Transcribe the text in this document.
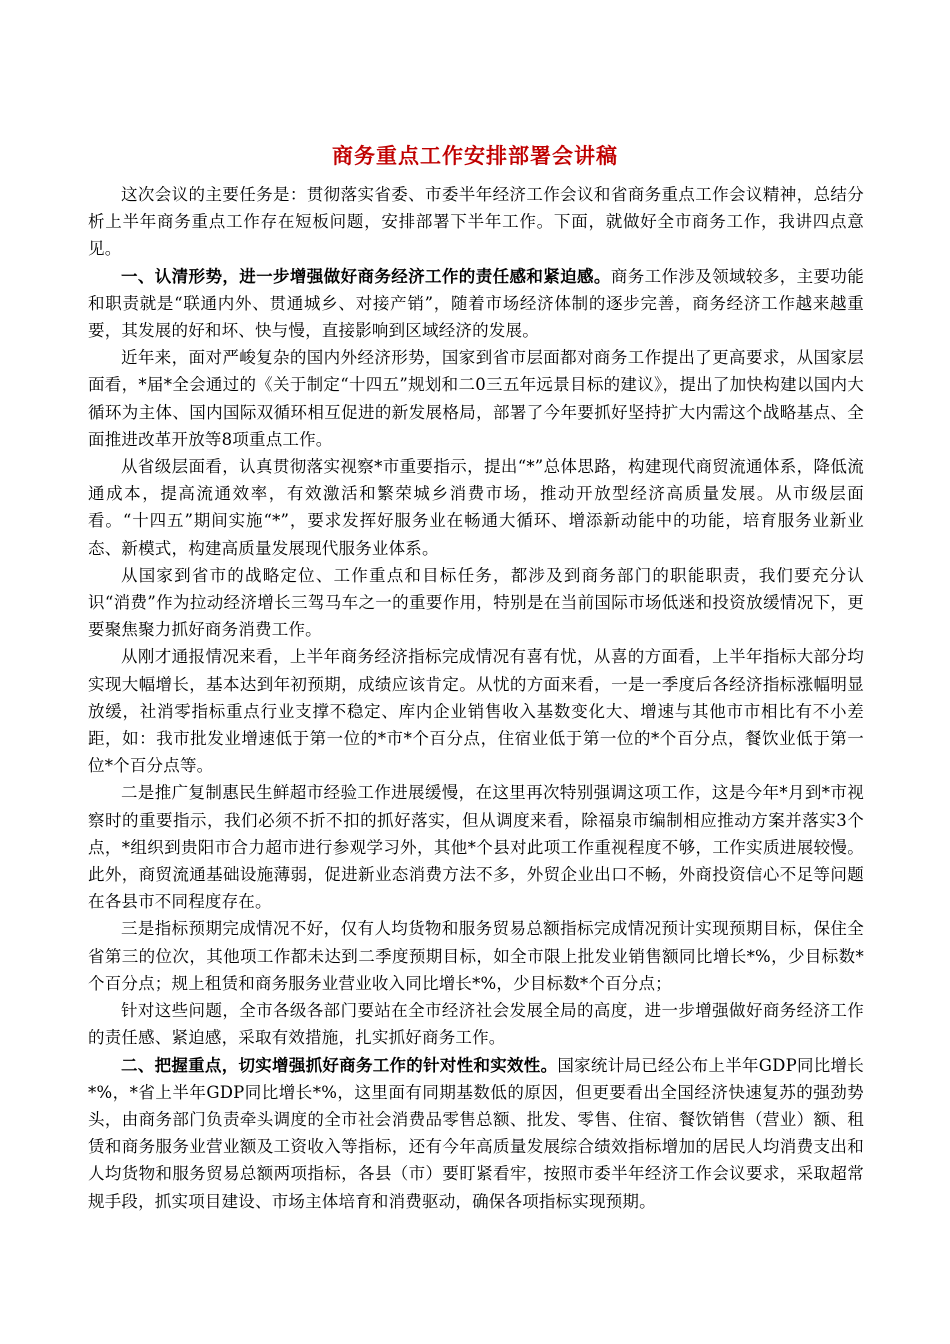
商务重点工作安排部署会讲稿

这次会议的主要任务是：贯彻落实省委、市委半年经济工作会议和省商务重点工作会议精神，总结分析上半年商务重点工作存在短板问题，安排部署下半年工作。下面，就做好全市商务工作，我讲四点意见。

一、认清形势，进一步增强做好商务经济工作的责任感和紧迫感。商务工作涉及领域较多，主要功能和职责就是“联通内外、贯通城乡、对接产销”，随着市场经济体制的逐步完善，商务经济工作越来越重要，其发展的好和坏、快与慢，直接影响到区域经济的发展。

近年来，面对严峻复杂的国内外经济形势，国家到省市层面都对商务工作提出了更高要求，从国家层面看，*届*全会通过的《关于制定“十四五”规划和二0三五年远景目标的建议》，提出了加快构建以国内大循环为主体、国内国际双循环相互促进的新发展格局，部署了今年要抓好坚持扩大内需这个战略基点、全面推进改革开放等8项重点工作。

从省级层面看，认真贯彻落实视察*市重要指示，提出“*”总体思路，构建现代商贸流通体系，降低流通成本，提高流通效率，有效激活和繁荣城乡消费市场，推动开放型经济高质量发展。从市级层面看。“十四五”期间实施“*”，要求发挥好服务业在畅通大循环、增添新动能中的功能，培育服务业新业态、新模式，构建高质量发展现代服务业体系。

从国家到省市的战略定位、工作重点和目标任务，都涉及到商务部门的职能职责，我们要充分认识“消费”作为拉动经济增长三驾马车之一的重要作用，特别是在当前国际市场低迷和投资放缓情况下，更要聚焦聚力抓好商务消费工作。

从刚才通报情况来看，上半年商务经济指标完成情况有喜有忧，从喜的方面看，上半年指标大部分均实现大幅增长，基本达到年初预期，成绩应该肯定。从忧的方面来看，一是一季度后各经济指标涨幅明显放缓，社消零指标重点行业支撑不稳定、库内企业销售收入基数变化大、增速与其他市市相比有不小差距，如：我市批发业增速低于第一位的*市*个百分点，住宿业低于第一位的*个百分点，餐饮业低于第一位*个百分点等。

二是推广复制惠民生鲜超市经验工作进展缓慢，在这里再次特别强调这项工作，这是今年*月到*市视察时的重要指示，我们必须不折不扣的抓好落实，但从调度来看，除福泉市编制相应推动方案并落实3个点，*组织到贵阳市合力超市进行参观学习外，其他*个县对此项工作重视程度不够，工作实质进展较慢。此外，商贸流通基础设施薄弱，促进新业态消费方法不多，外贸企业出口不畅，外商投资信心不足等问题在各县市不同程度存在。

三是指标预期完成情况不好，仅有人均货物和服务贸易总额指标完成情况预计实现预期目标，保住全省第三的位次，其他项工作都未达到二季度预期目标，如全市限上批发业销售额同比增长*%，少目标数*个百分点；规上租赁和商务服务业营业收入同比增长*%，少目标数*个百分点；

针对这些问题，全市各级各部门要站在全市经济社会发展全局的高度，进一步增强做好商务经济工作的责任感、紧迫感，采取有效措施，扎实抓好商务工作。

二、把握重点，切实增强抓好商务工作的针对性和实效性。国家统计局已经公布上半年GDP同比增长*%，*省上半年GDP同比增长*%，这里面有同期基数低的原因，但更要看出全国经济快速复苏的强劲势头，由商务部门负责牵头调度的全市社会消费品零售总额、批发、零售、住宿、餐饮销售（营业）额、租赁和商务服务业营业额及工资收入等指标，还有今年高质量发展综合绩效指标增加的居民人均消费支出和人均货物和服务贸易总额两项指标，各县（市）要盯紧看牢，按照市委半年经济工作会议要求，采取超常规手段，抓实项目建设、市场主体培育和消费驱动，确保各项指标实现预期。
